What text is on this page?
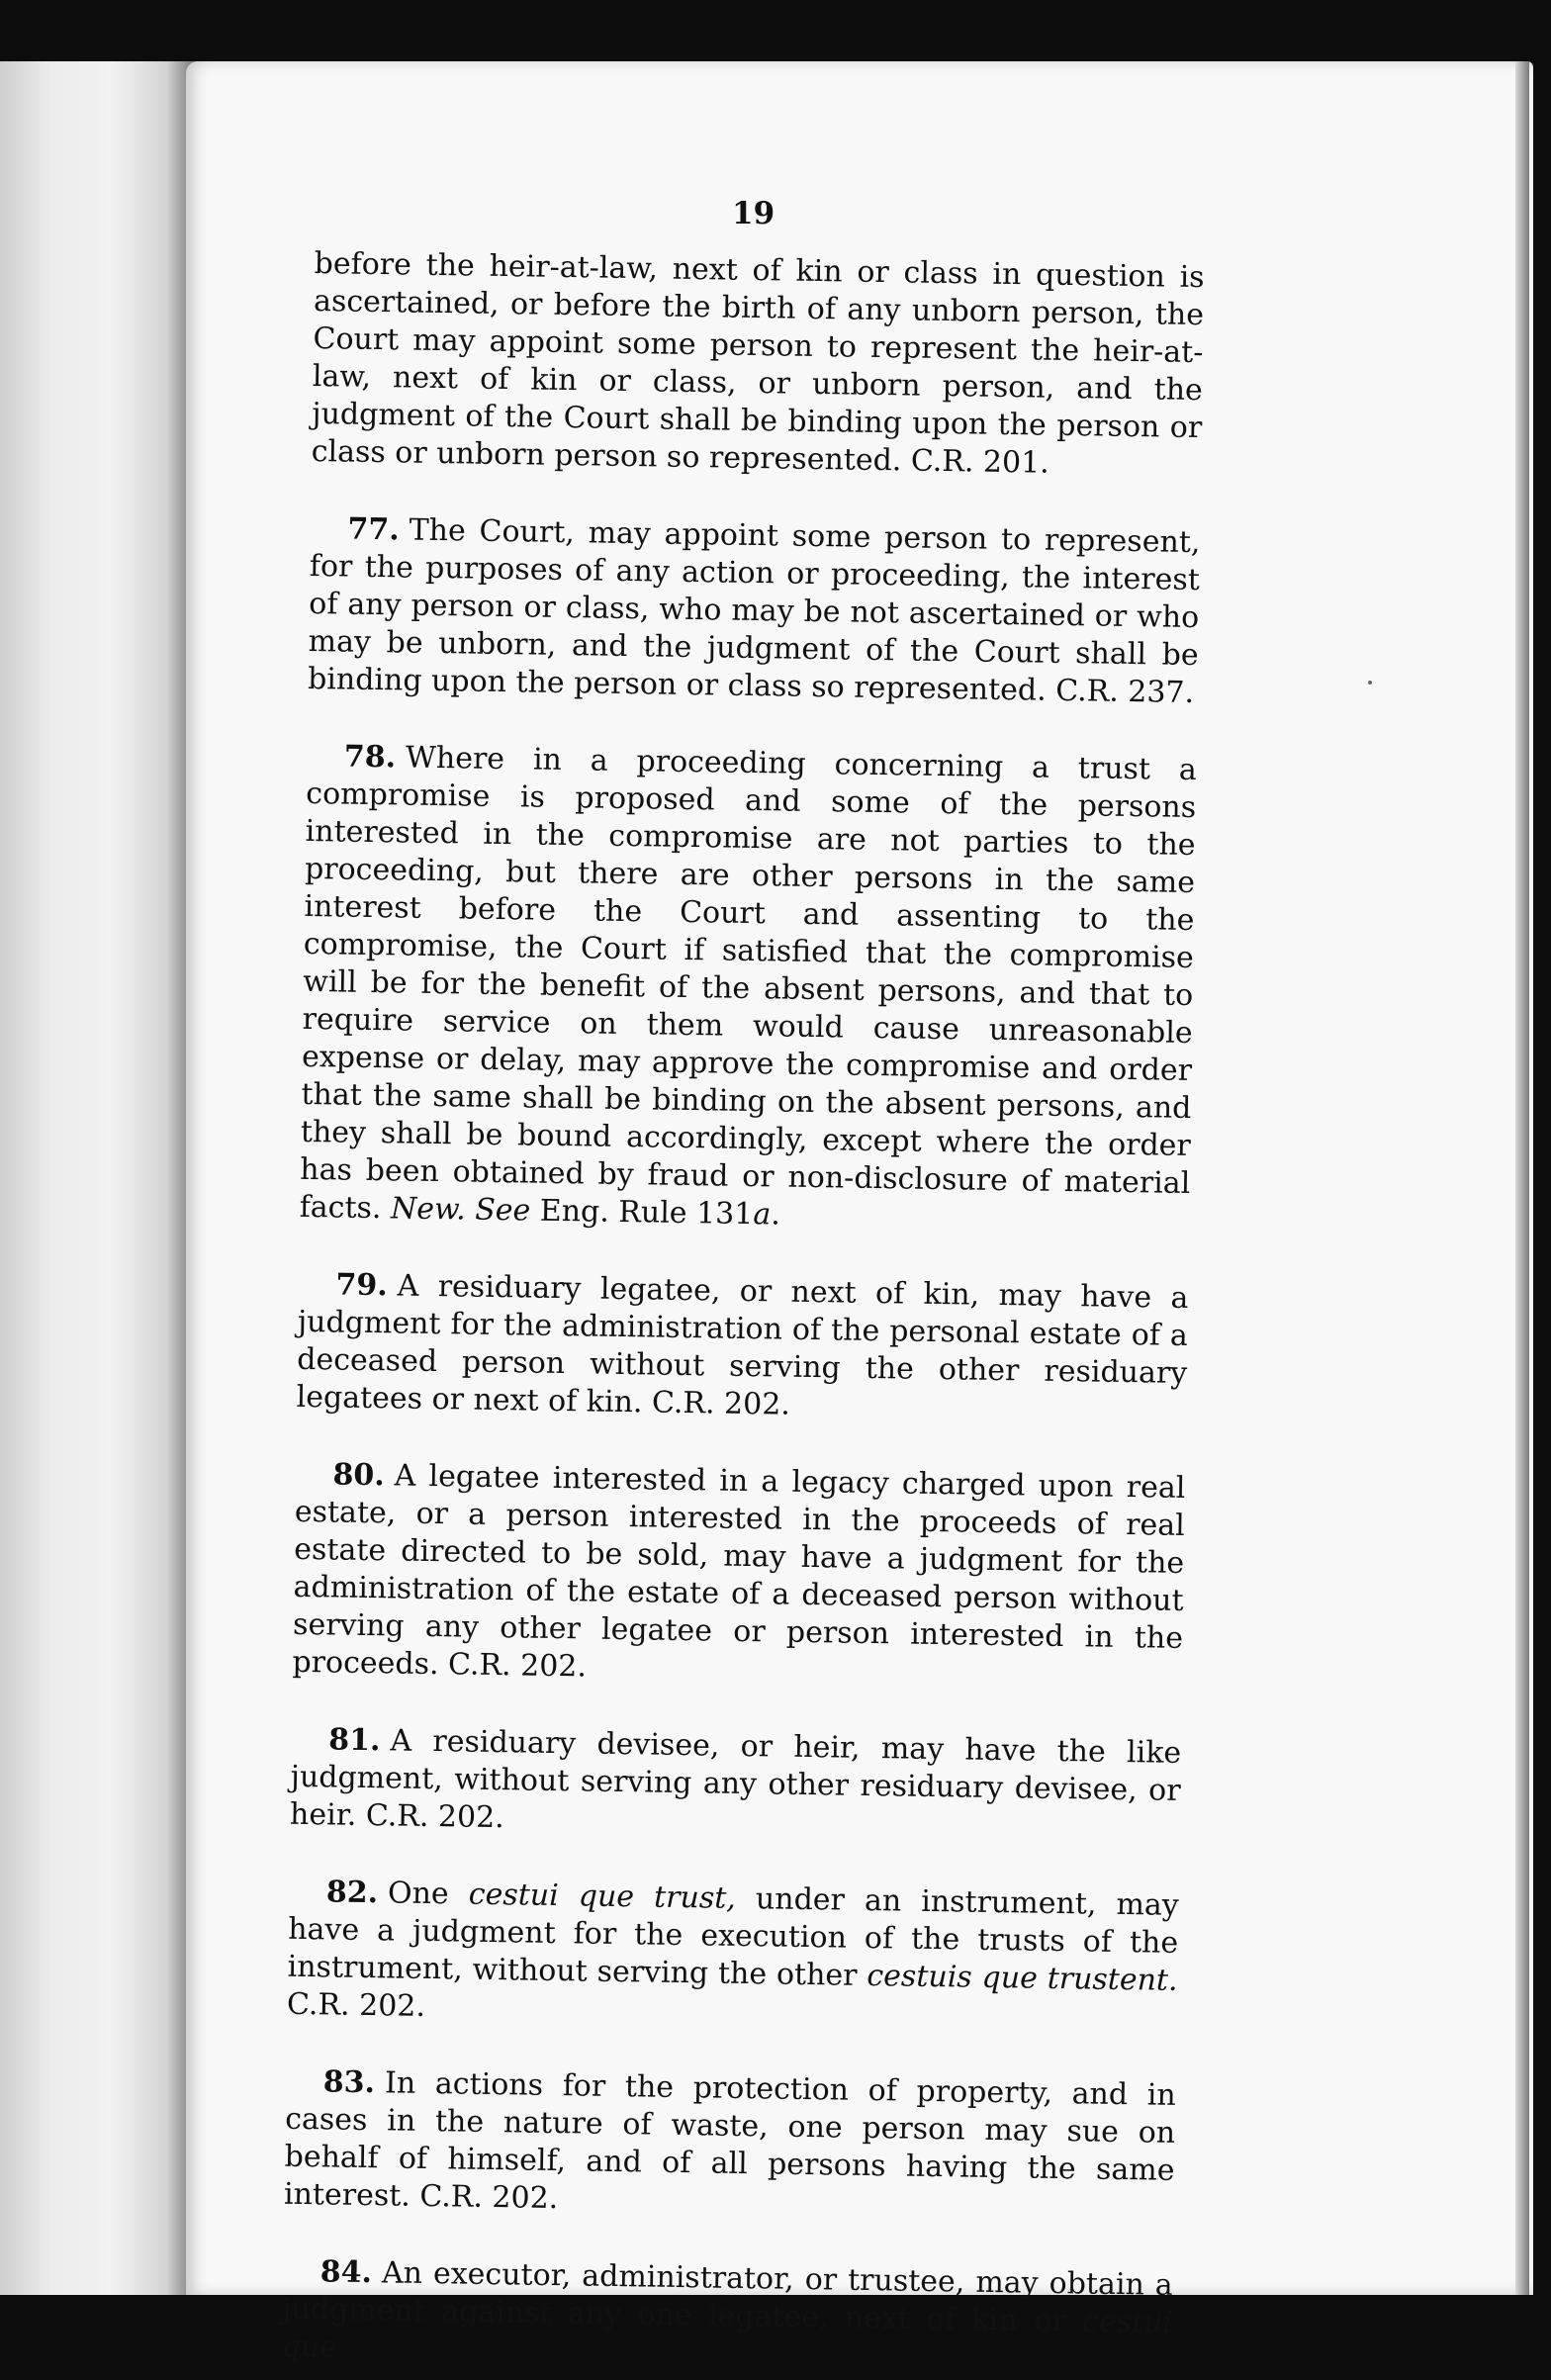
19

before the heir-at-law, next of kin or class in question is ascertained, or before the birth of any unborn person, the Court may appoint some person to represent the heir-at-law, next of kin or class, or unborn person, and the judgment of the Court shall be binding upon the person or class or unborn person so represented. C.R. 201.

77. The Court, may appoint some person to represent, for the purposes of any action or proceeding, the interest of any person or class, who may be not ascertained or who may be unborn, and the judgment of the Court shall be binding upon the person or class so represented. C.R. 237.

78. Where in a proceeding concerning a trust a compromise is proposed and some of the persons interested in the compromise are not parties to the proceeding, but there are other persons in the same interest before the Court and assenting to the compromise, the Court if satisfied that the compromise will be for the benefit of the absent persons, and that to require service on them would cause unreasonable expense or delay, may approve the compromise and order that the same shall be binding on the absent persons, and they shall be bound accordingly, except where the order has been obtained by fraud or non-disclosure of material facts. New. See Eng. Rule 131a.

79. A residuary legatee, or next of kin, may have a judgment for the administration of the personal estate of a deceased person without serving the other residuary legatees or next of kin. C.R. 202.

80. A legatee interested in a legacy charged upon real estate, or a person interested in the proceeds of real estate directed to be sold, may have a judgment for the administration of the estate of a deceased person without serving any other legatee or person interested in the proceeds. C.R. 202.

81. A residuary devisee, or heir, may have the like judgment, without serving any other residuary devisee, or heir. C.R. 202.

82. One cestui que trust, under an instrument, may have a judgment for the execution of the trusts of the instrument, without serving the other cestuis que trustent. C.R. 202.

83. In actions for the protection of property, and in cases in the nature of waste, one person may sue on behalf of himself, and of all persons having the same interest. C.R. 202.

84. An executor, administrator, or trustee, may obtain a judgment against any one legatee, next of kin or cestui que
